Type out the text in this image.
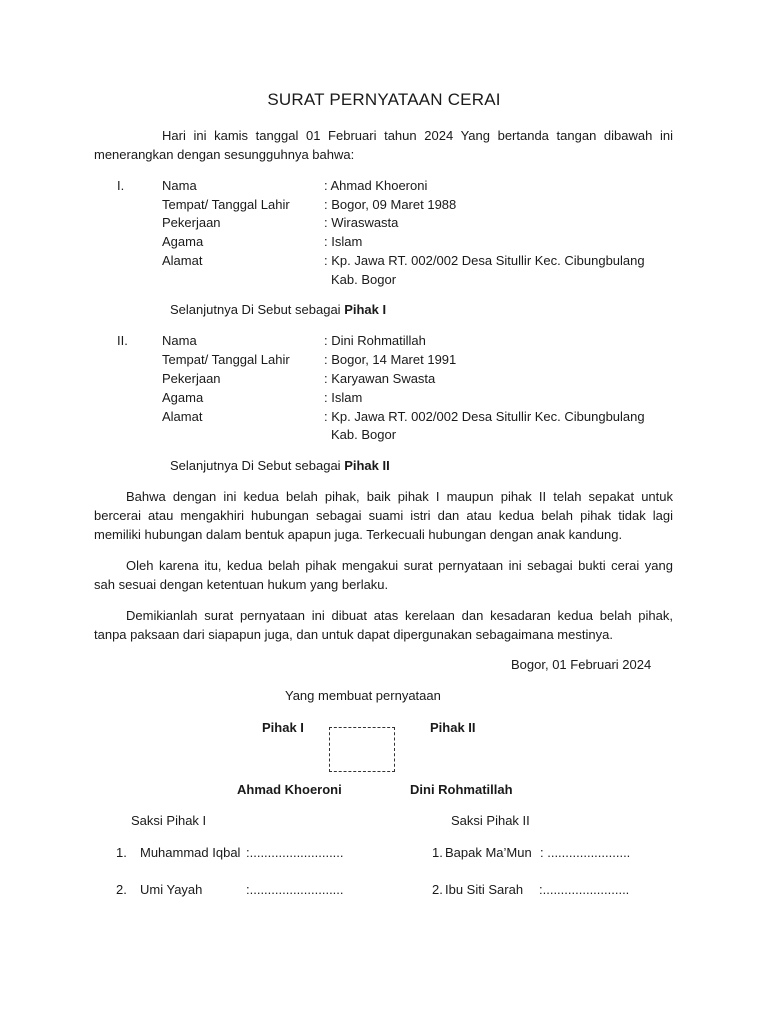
SURAT PERNYATAAN CERAI
Hari ini kamis tanggal 01 Februari tahun 2024 Yang bertanda tangan dibawah ini menerangkan dengan sesungguhnya bahwa:
I.	Nama	: Ahmad Khoeroni
Tempat/ Tanggal Lahir	: Bogor, 09 Maret 1988
Pekerjaan	: Wiraswasta
Agama	: Islam
Alamat	: Kp. Jawa RT. 002/002 Desa Situllir Kec. Cibungbulang
Kab. Bogor
Selanjutnya Di Sebut sebagai Pihak I
II.	Nama	: Dini Rohmatillah
Tempat/ Tanggal Lahir	: Bogor, 14 Maret 1991
Pekerjaan	: Karyawan Swasta
Agama	: Islam
Alamat	: Kp. Jawa RT. 002/002 Desa Situllir Kec. Cibungbulang
Kab. Bogor
Selanjutnya Di Sebut sebagai Pihak II
Bahwa dengan ini kedua belah pihak, baik pihak I maupun pihak II telah sepakat untuk bercerai atau mengakhiri hubungan sebagai suami istri dan atau kedua belah pihak tidak lagi memiliki hubungan dalam bentuk apapun juga. Terkecuali hubungan dengan anak kandung.
Oleh karena itu, kedua belah pihak mengakui surat pernyataan ini sebagai bukti cerai yang sah sesuai dengan ketentuan hukum yang berlaku.
Demikianlah surat pernyataan ini dibuat atas kerelaan dan kesadaran kedua belah pihak, tanpa paksaan dari siapapun juga, dan untuk dapat dipergunakan sebagaimana mestinya.
Bogor, 01 Februari 2024
Yang membuat pernyataan
Pihak I	Pihak II
Ahmad Khoeroni	Dini Rohmatillah
Saksi Pihak I	Saksi Pihak II
1. Muhammad Iqbal :..........................	1. Bapak Ma’Mun : .......................
2. Umi Yayah	:..........................	2. Ibu Siti Sarah :........................
